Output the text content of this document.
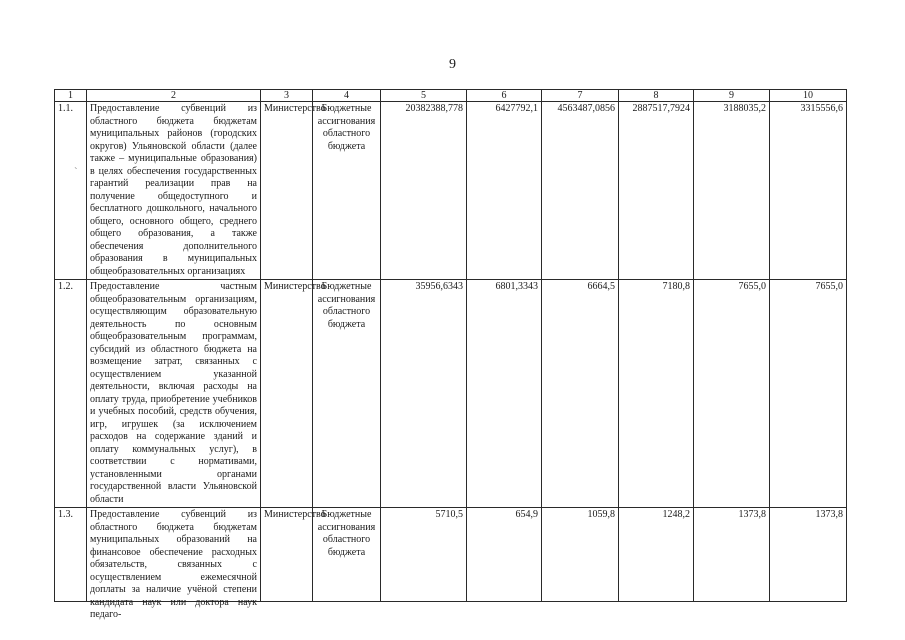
9
`
1	2	3	4	5	6	7	8	9	10
1.1.	Предоставление субвенций из областного бюджета бюджетам муниципальных районов (городских округов) Ульяновской области (далее также – муниципальные образования) в целях обеспечения государственных гарантий реализации прав на получение общедоступного и бесплатного дошкольного, начального общего, основного общего, среднего общего образования, а также обеспечения дополнительного образования в муниципальных общеобразовательных организациях	Министерство	Бюджетные ассигнования областного бюджета	20382388,778	6427792,1	4563487,0856	2887517,7924	3188035,2	3315556,6
1.2.	Предоставление частным общеобразовательным организациям, осуществляющим образовательную деятельность по основным общеобразовательным программам, субсидий из областного бюджета на возмещение затрат, связанных с осуществлением указанной деятельности, включая расходы на оплату труда, приобретение учебников и учебных пособий, средств обучения, игр, игрушек (за исключением расходов на содержание зданий и оплату коммунальных услуг), в соответствии с нормативами, установленными органами государственной власти Ульяновской области	Министерство	Бюджетные ассигнования областного бюджета	35956,6343	6801,3343	6664,5	7180,8	7655,0	7655,0
1.3.	Предоставление субвенций из областного бюджета бюджетам муниципальных образований на финансовое обеспечение расходных обязательств, связанных с осуществлением ежемесячной доплаты за наличие учёной степени кандидата наук или доктора наук педаго-	Министерство	Бюджетные ассигнования областного бюджета	5710,5	654,9	1059,8	1248,2	1373,8	1373,8
